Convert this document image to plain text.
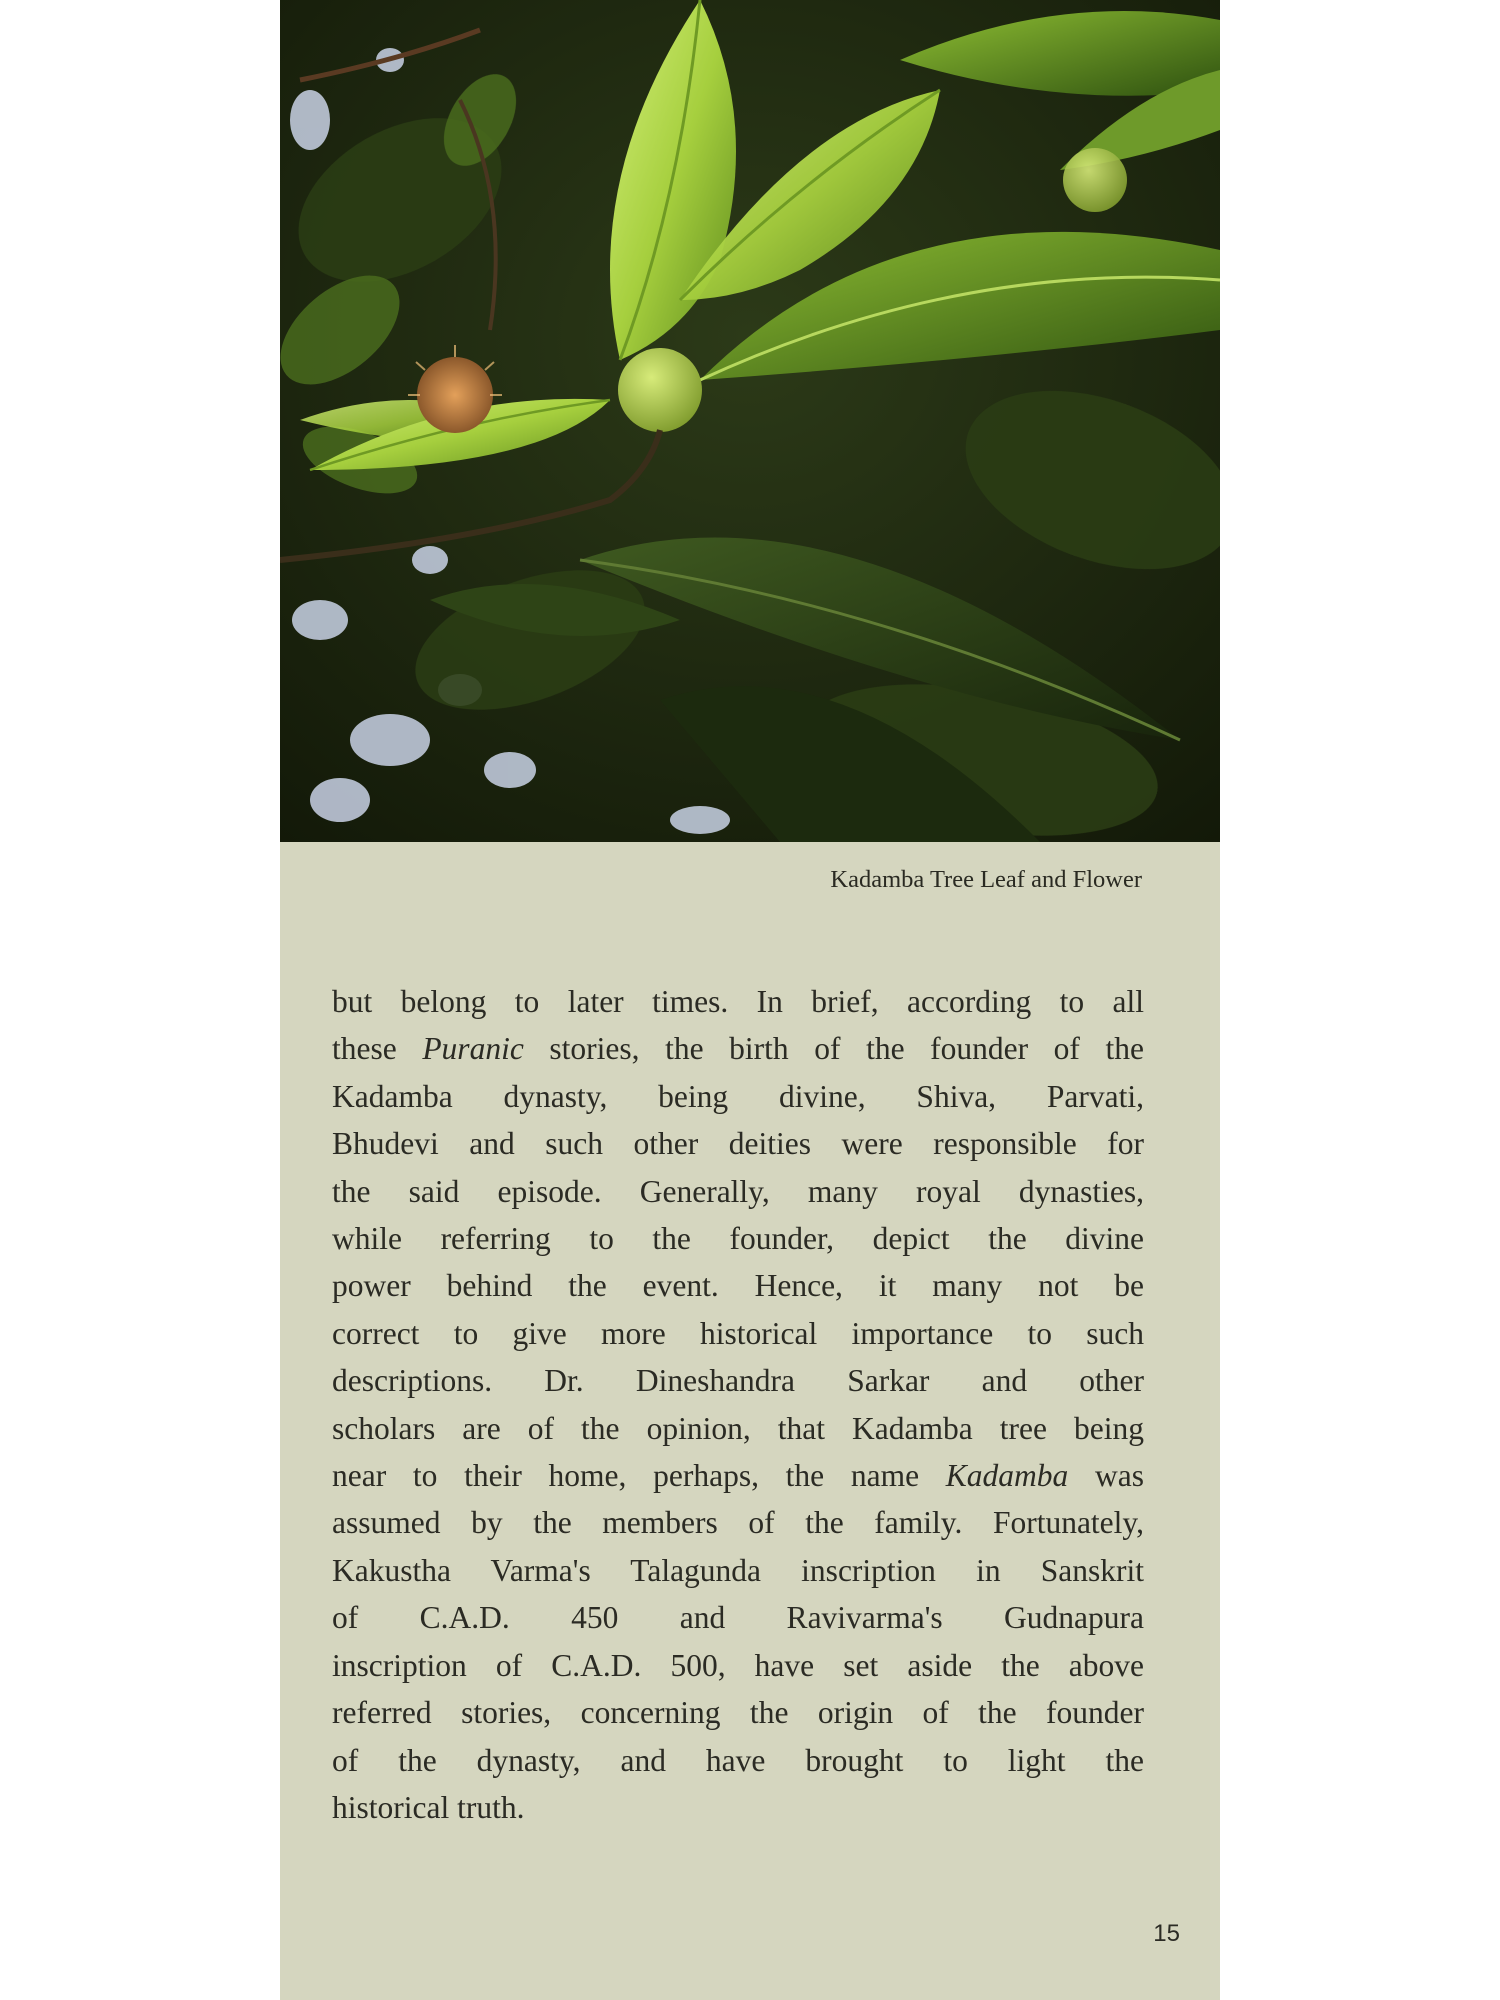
Kadamba Tree Leaf and Flower
but belong to later times. In brief, according to all
these Puranic stories, the birth of the founder of the
Kadamba dynasty, being divine, Shiva, Parvati,
Bhudevi and such other deities were responsible for
the said episode. Generally, many royal dynasties,
while referring to the founder, depict the divine
power behind the event. Hence, it many not be
correct to give more historical importance to such
descriptions. Dr. Dineshandra Sarkar and other
scholars are of the opinion, that Kadamba tree being
near to their home, perhaps, the name Kadamba was
assumed by the members of the family. Fortunately,
Kakustha Varma's Talagunda inscription in Sanskrit
of C.A.D. 450 and Ravivarma's Gudnapura
inscription of C.A.D. 500, have set aside the above
referred stories, concerning the origin of the founder
of the dynasty, and have brought to light the
historical truth.
15
